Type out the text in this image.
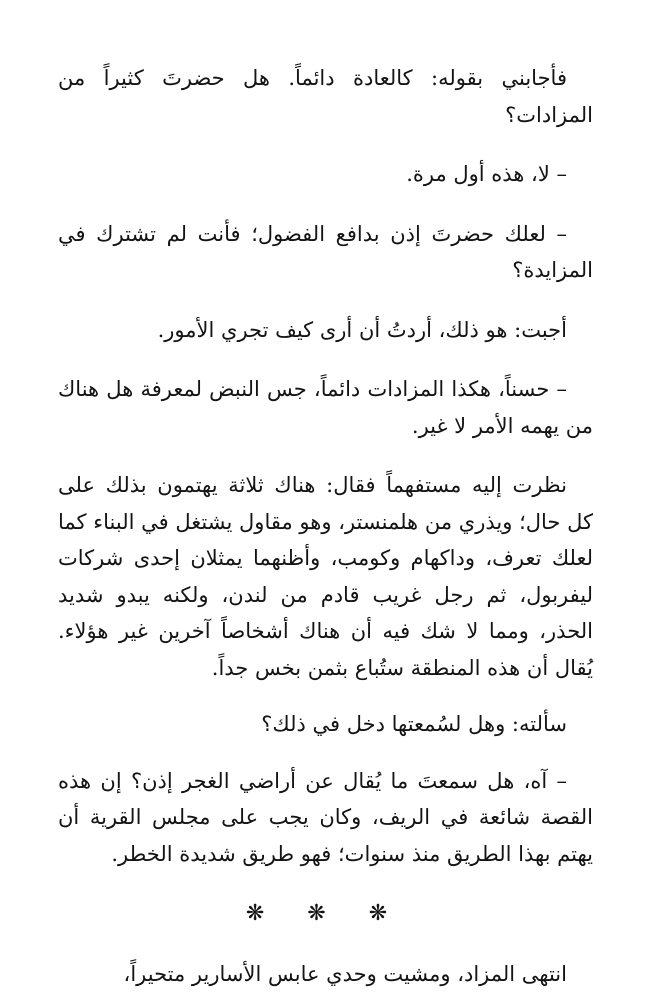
فأجابني بقوله: كالعادة دائماً. هل حضرتَ كثيراً من المزادات؟

– لا، هذه أول مرة.

– لعلك حضرتَ إذن بدافع الفضول؛ فأنت لم تشترك في المزايدة؟

أجبت: هو ذلك، أردتُ أن أرى كيف تجري الأمور.

– حسناً، هكذا المزادات دائماً، جس النبض لمعرفة هل هناك من يهمه الأمر لا غير.

نظرت إليه مستفهماً فقال: هناك ثلاثة يهتمون بذلك على كل حال؛ ويذري من هلمنستر، وهو مقاول يشتغل في البناء كما لعلك تعرف، وداكهام وكومب، وأظنهما يمثلان إحدى شركات ليفربول، ثم رجل غريب قادم من لندن، ولكنه يبدو شديد الحذر، ومما لا شك فيه أن هناك أشخاصاً آخرين غير هؤلاء. يُقال أن هذه المنطقة ستُباع بثمن بخس جداً.

سألته: وهل لسُمعتها دخل في ذلك؟

– آه، هل سمعتَ ما يُقال عن أراضي الغجر إذن؟ إن هذه القصة شائعة في الريف، وكان يجب على مجلس القرية أن يهتم بهذا الطريق منذ سنوات؛ فهو طريق شديدة الخطر.

❋ ❋ ❋

انتهى المزاد، ومشيت وحدي عابس الأسارير متحيراً،
